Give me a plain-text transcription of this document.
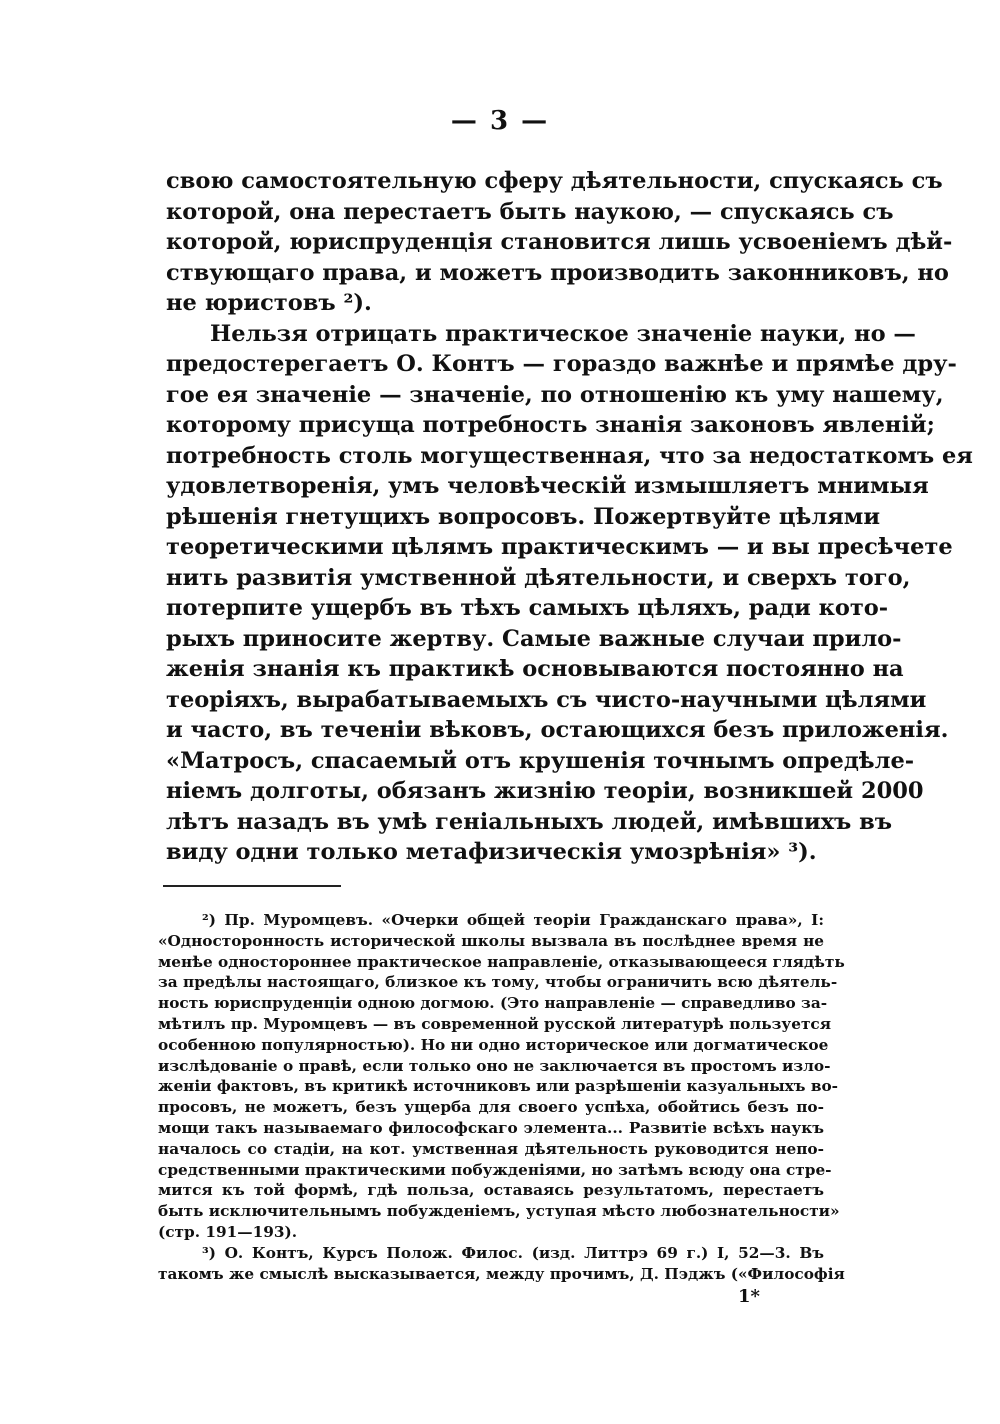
— 3 —
свою самостоятельную сферу дѣятельности, спускаясь съ
которой, она перестаетъ быть наукою, — спускаясь съ
которой, юриспруденція становится лишь усвоеніемъ дѣй-
ствующаго права, и можетъ производить законниковъ, но
не юристовъ ²).
Нельзя отрицать практическое значеніе науки, но —
предостерегаетъ О. Контъ — гораздо важнѣе и прямѣе дру-
гое ея значеніе — значеніе, по отношенію къ уму нашему,
которому присуща потребность знанія законовъ явленій;
потребность столь могущественная, что за недостаткомъ ея
удовлетворенія, умъ человѣческій измышляетъ мнимыя
рѣшенія гнетущихъ вопросовъ. Пожертвуйте цѣлями
теоретическими цѣлямъ практическимъ — и вы пресѣчете
нить развитія умственной дѣятельности, и сверхъ того,
потерпите ущербъ въ тѣхъ самыхъ цѣляхъ, ради кото-
рыхъ приносите жертву. Самые важные случаи прило-
женія знанія къ практикѣ основываются постоянно на
теоріяхъ, вырабатываемыхъ съ чисто-научными цѣлями
и часто, въ теченіи вѣковъ, остающихся безъ приложенія.
«Матросъ, спасаемый отъ крушенія точнымъ опредѣле-
ніемъ долготы, обязанъ жизнію теоріи, возникшей 2000
лѣтъ назадъ въ умѣ геніальныхъ людей, имѣвшихъ въ
виду одни только метафизическія умозрѣнія» ³).
²) Пр. Муромцевъ. «Очерки общей теоріи Гражданскаго права», I:
«Односторонность исторической школы вызвала въ послѣднее время не
менѣе одностороннее практическое направленіе, отказывающееся глядѣть
за предѣлы настоящаго, близкое къ тому, чтобы ограничить всю дѣятель-
ность юриспруденціи одною догмою. (Это направленіе — справедливо за-
мѣтилъ пр. Муромцевъ — въ современной русской литературѣ пользуется
особенною популярностью). Но ни одно историческое или догматическое
изслѣдованіе о правѣ, если только оно не заключается въ простомъ изло-
женіи фактовъ, въ критикѣ источниковъ или разрѣшеніи казуальныхъ во-
просовъ, не можетъ, безъ ущерба для своего успѣха, обойтись безъ по-
мощи такъ называемаго философскаго элемента... Развитіе всѣхъ наукъ
началось со стадіи, на кот. умственная дѣятельность руководится непо-
средственными практическими побужденіями, но затѣмъ всюду она стре-
мится къ той формѣ, гдѣ польза, оставаясь результатомъ, перестаетъ
быть исключительнымъ побужденіемъ, уступая мѣсто любознательности»
(стр. 191—193).
³) О. Контъ, Курсъ Полож. Филос. (изд. Литтрэ 69 г.) I, 52—3. Въ
такомъ же смыслѣ высказывается, между прочимъ, Д. Пэджъ («Философія
1*
